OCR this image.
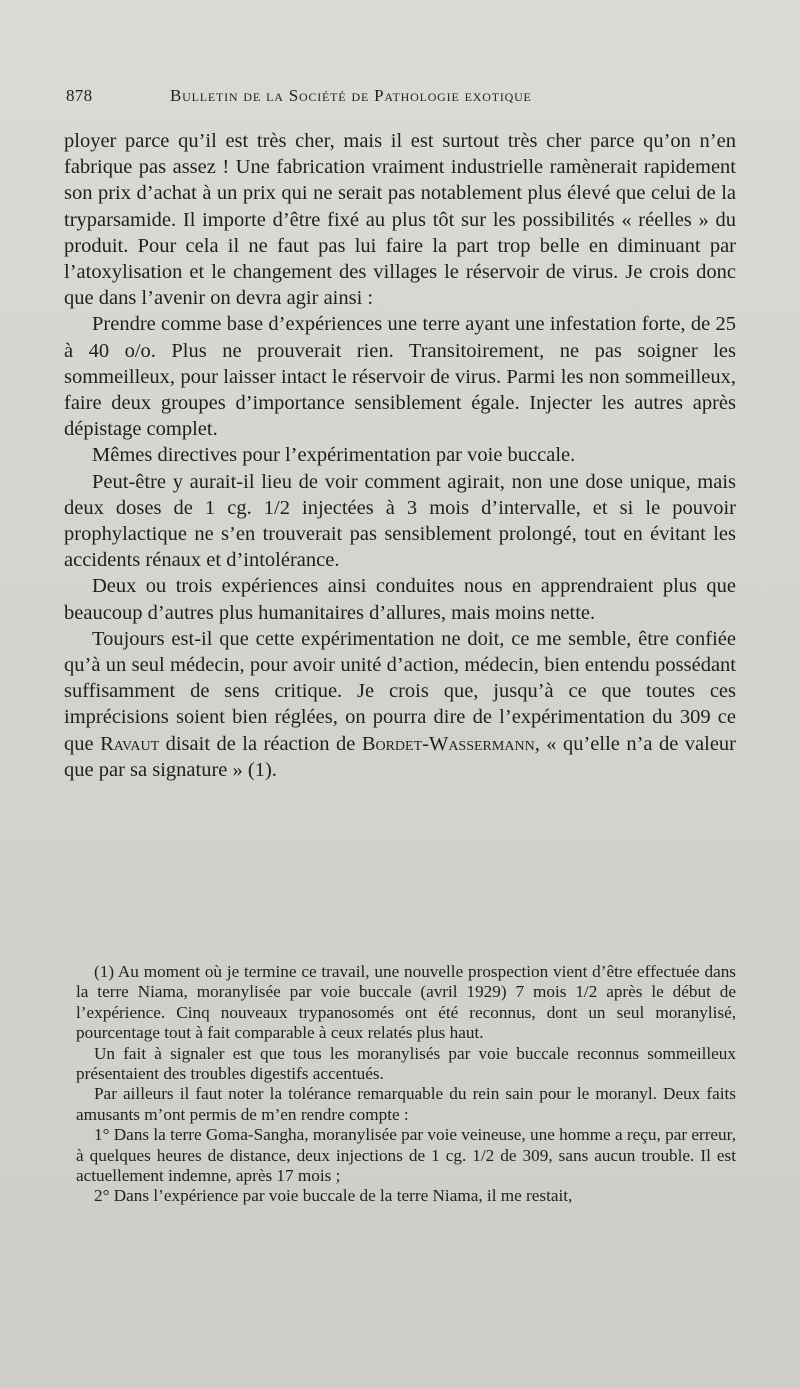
878	Bulletin de la Société de Pathologie exotique

ployer parce qu’il est très cher, mais il est surtout très cher parce qu’on n’en fabrique pas assez ! Une fabrication vraiment industrielle ramènerait rapidement son prix d’achat à un prix qui ne serait pas notablement plus élevé que celui de la tryparsamide. Il importe d’être fixé au plus tôt sur les possibilités « réelles » du produit. Pour cela il ne faut pas lui faire la part trop belle en diminuant par l’atoxylisation et le changement des villages le réservoir de virus. Je crois donc que dans l’avenir on devra agir ainsi :

Prendre comme base d’expériences une terre ayant une infestation forte, de 25 à 40 o/o. Plus ne prouverait rien. Transitoirement, ne pas soigner les sommeilleux, pour laisser intact le réservoir de virus. Parmi les non sommeilleux, faire deux groupes d’importance sensiblement égale. Injecter les autres après dépistage complet.

Mêmes directives pour l’expérimentation par voie buccale.

Peut-être y aurait-il lieu de voir comment agirait, non une dose unique, mais deux doses de 1 cg. 1/2 injectées à 3 mois d’intervalle, et si le pouvoir prophylactique ne s’en trouverait pas sensiblement prolongé, tout en évitant les accidents rénaux et d’intolérance.

Deux ou trois expériences ainsi conduites nous en apprendraient plus que beaucoup d’autres plus humanitaires d’allures, mais moins nette.

Toujours est-il que cette expérimentation ne doit, ce me semble, être confiée qu’à un seul médecin, pour avoir unité d’action, médecin, bien entendu possédant suffisamment de sens critique. Je crois que, jusqu’à ce que toutes ces imprécisions soient bien réglées, on pourra dire de l’expérimentation du 309 ce que Ravaut disait de la réaction de Bordet-Wassermann, « qu’elle n’a de valeur que par sa signature » (1).

(1) Au moment où je termine ce travail, une nouvelle prospection vient d’être effectuée dans la terre Niama, moranylisée par voie buccale (avril 1929) 7 mois 1/2 après le début de l’expérience. Cinq nouveaux trypanosomés ont été reconnus, dont un seul moranylisé, pourcentage tout à fait comparable à ceux relatés plus haut.

Un fait à signaler est que tous les moranylisés par voie buccale reconnus sommeilleux présentaient des troubles digestifs accentués.

Par ailleurs il faut noter la tolérance remarquable du rein sain pour le moranyl. Deux faits amusants m’ont permis de m’en rendre compte :

1° Dans la terre Goma-Sangha, moranylisée par voie veineuse, une homme a reçu, par erreur, à quelques heures de distance, deux injections de 1 cg. 1/2 de 309, sans aucun trouble. Il est actuellement indemne, après 17 mois ;

2° Dans l’expérience par voie buccale de la terre Niama, il me restait,
